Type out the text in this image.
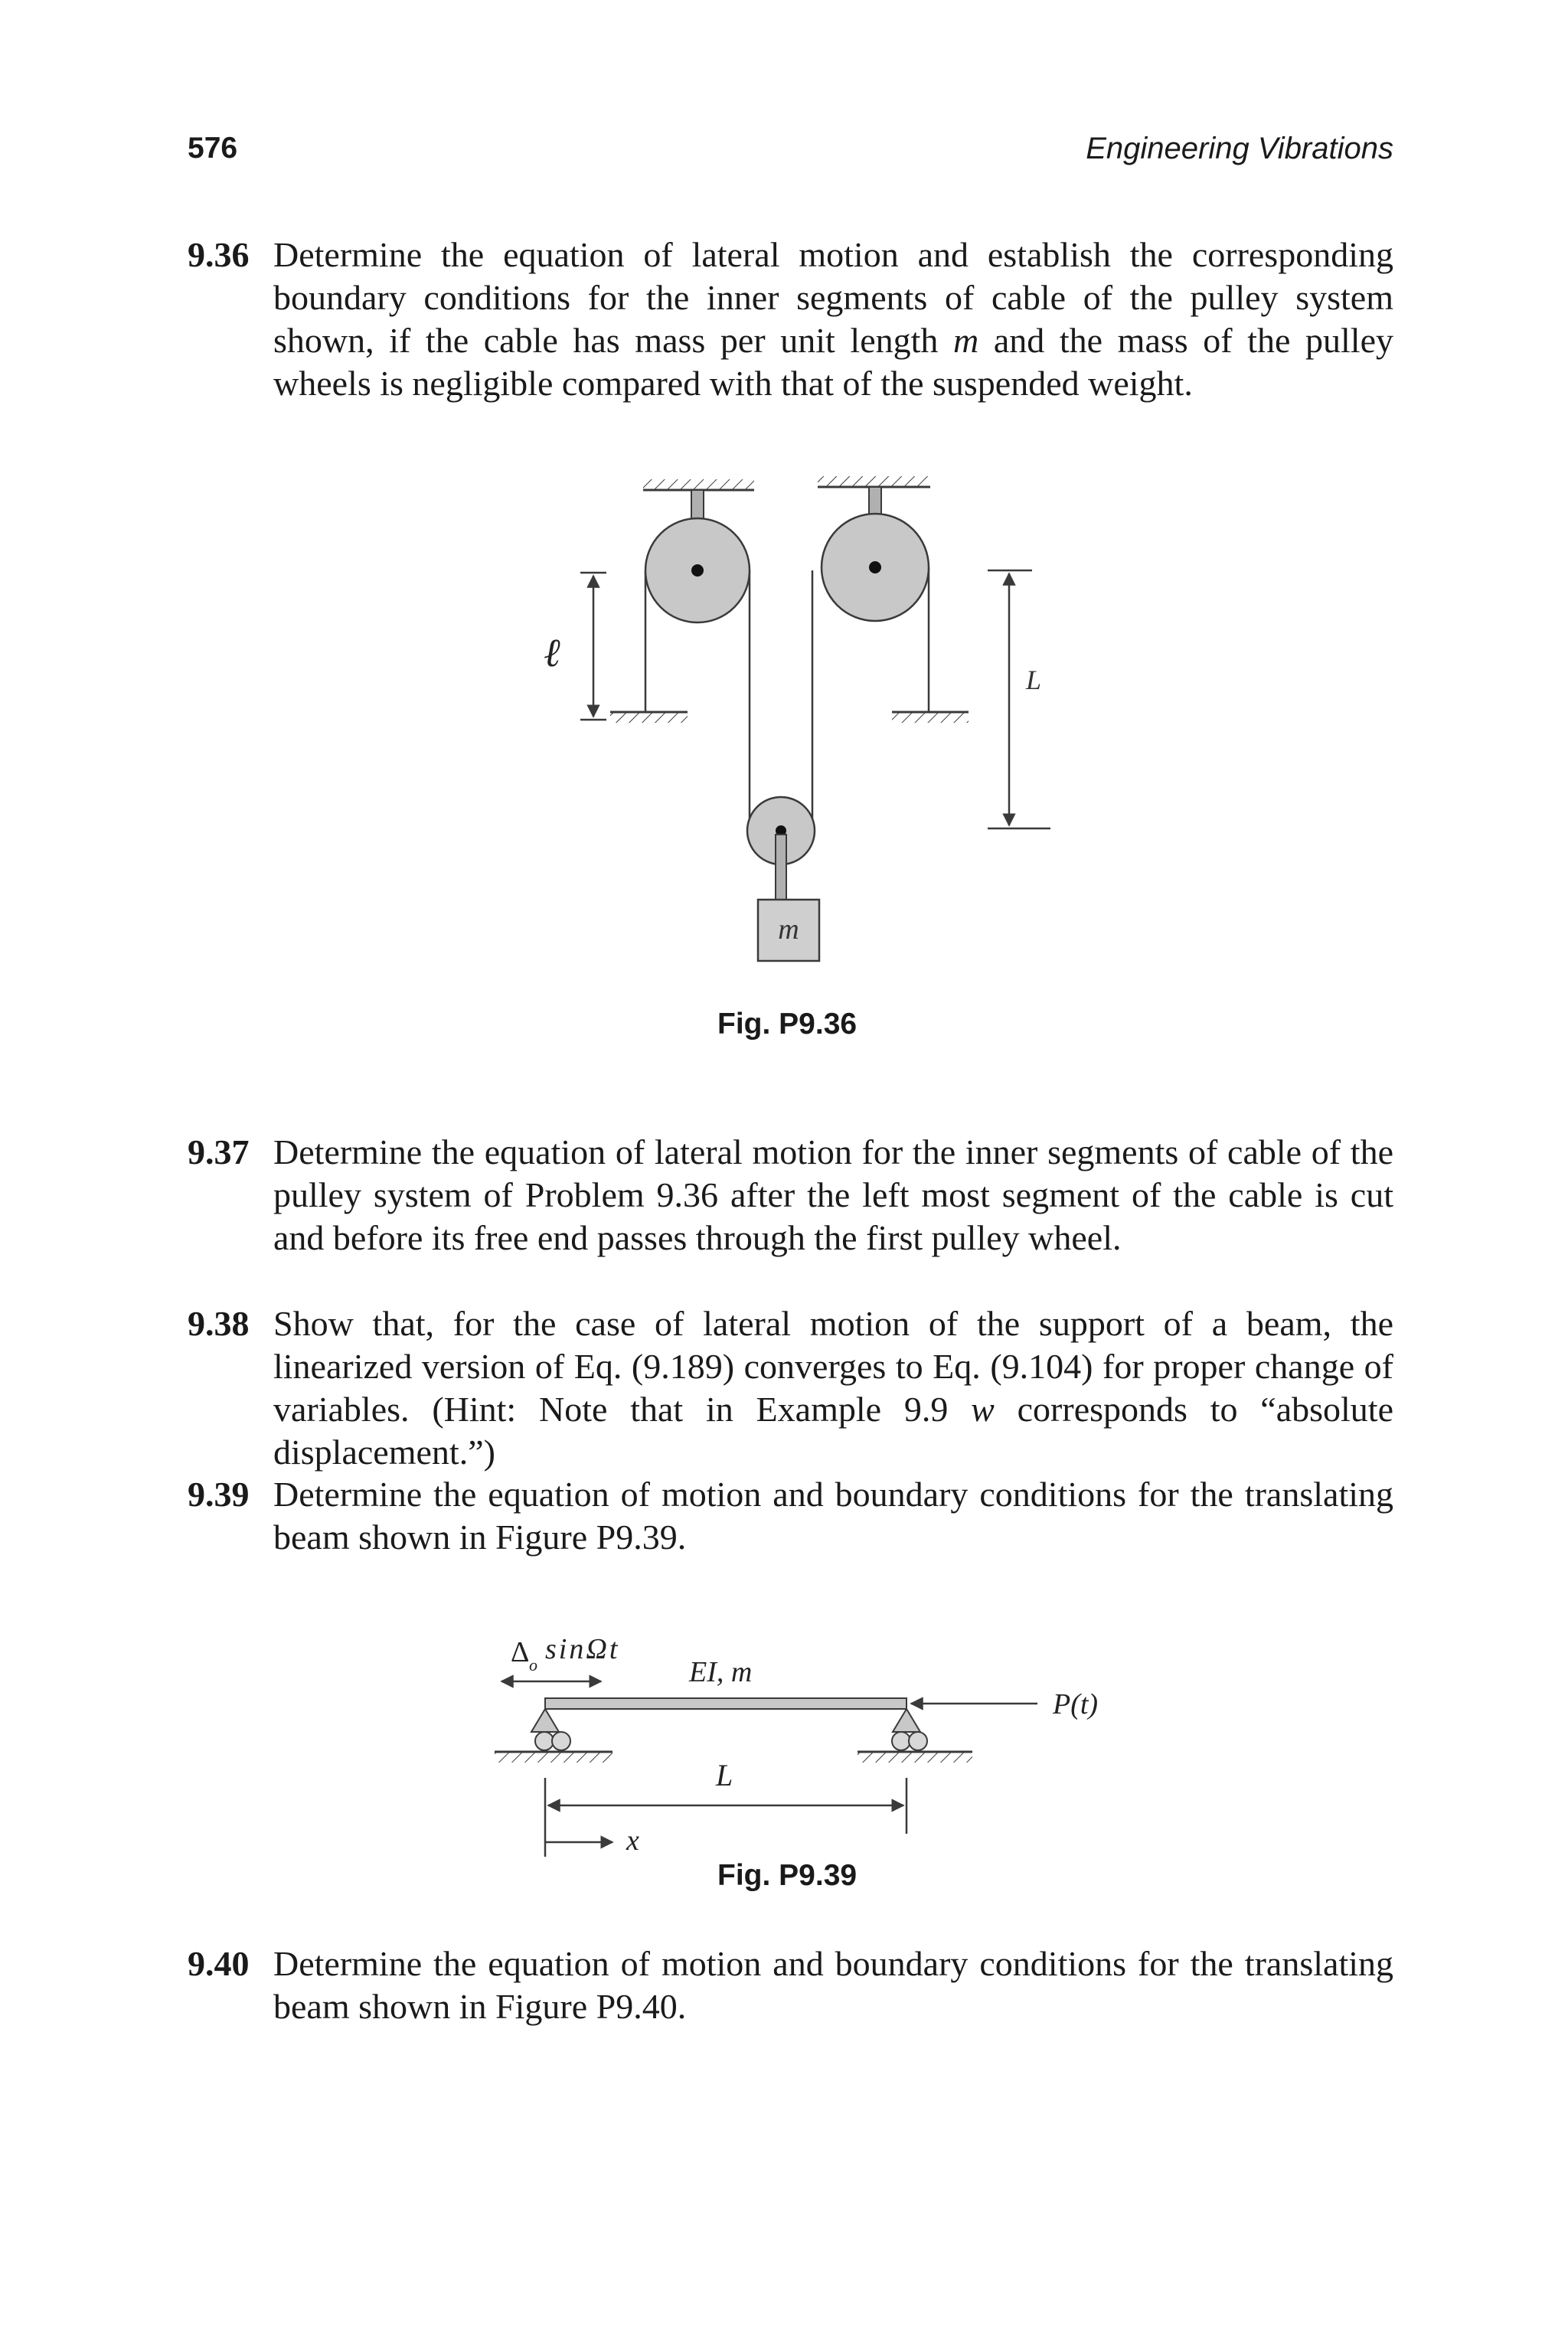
576	Engineering Vibrations
9.36 Determine the equation of lateral motion and establish the corresponding boundary conditions for the inner segments of cable of the pulley system shown, if the cable has mass per unit length m and the mass of the pulley wheels is negligible compared with that of the suspended weight.
m
ℓ
L
Fig. P9.36
9.37 Determine the equation of lateral motion for the inner segments of cable of the pulley system of Problem 9.36 after the left most segment of the cable is cut and before its free end passes through the first pulley wheel.
9.38 Show that, for the case of lateral motion of the support of a beam, the linearized version of Eq. (9.189) converges to Eq. (9.104) for proper change of variables. (Hint: Note that in Example 9.9 w corresponds to “absolute displacement.”)
9.39 Determine the equation of motion and boundary conditions for the translating beam shown in Figure P9.39.
Δ o sinΩt
EI, m
P(t)
L
x
Fig. P9.39
9.40 Determine the equation of motion and boundary conditions for the translating beam shown in Figure P9.40.
